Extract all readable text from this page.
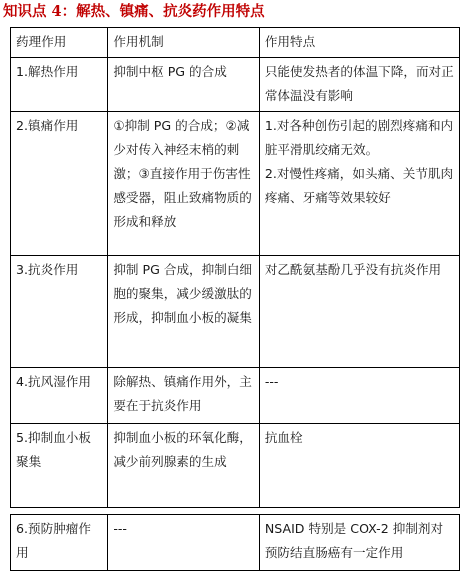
知识点 4：解热、镇痛、抗炎药作用特点
药理作用	作用机制	作用特点
1.解热作用	抑制中枢 PG 的合成	只能使发热者的体温下降，而对正常体温没有影响
2.镇痛作用	①抑制 PG 的合成；②减少对传入神经末梢的刺激；③直接作用于伤害性感受器，阻止致痛物质的形成和释放	1.对各种创伤引起的剧烈疼痛和内脏平滑肌绞痛无效。
2.对慢性疼痛，如头痛、关节肌肉疼痛、牙痛等效果较好

3.抗炎作用	抑制 PG 合成，抑制白细胞的聚集，减少缓激肽的形成，抑制血小板的凝集	对乙酰氨基酚几乎没有抗炎作用
4.抗风湿作用	除解热、镇痛作用外，主要在于抗炎作用	---
5.抑制血小板聚集	抑制血小板的环氧化酶，减少前列腺素的生成	抗血栓
6.预防肿瘤作用	---	NSAID 特别是 COX-2 抑制剂对预防结直肠癌有一定作用
